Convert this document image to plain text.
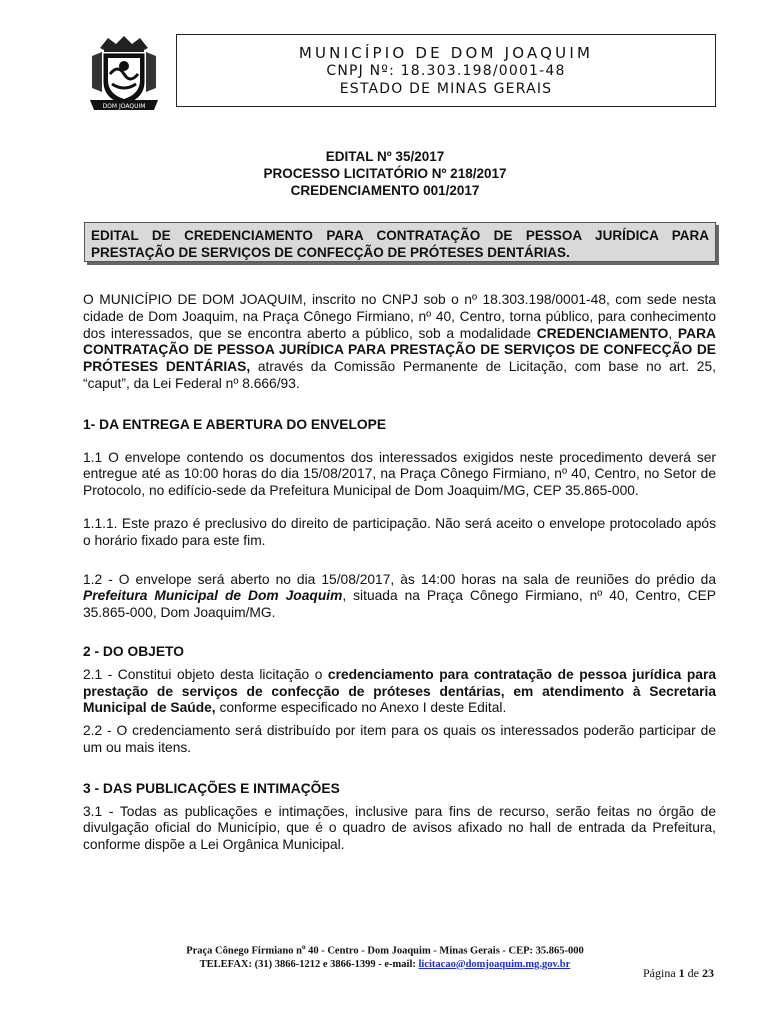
DOM JOAQUIM
MUNICÍPIO DE DOM JOAQUIM
CNPJ Nº: 18.303.198/0001-48
ESTADO DE MINAS GERAIS
EDITAL Nº 35/2017
PROCESSO LICITATÓRIO Nº 218/2017
CREDENCIAMENTO 001/2017
EDITAL DE CREDENCIAMENTO PARA CONTRATAÇÃO DE PESSOA JURÍDICA PARA PRESTAÇÃO DE SERVIÇOS DE CONFECÇÃO DE PRÓTESES DENTÁRIAS.

O MUNICÍPIO DE DOM JOAQUIM, inscrito no CNPJ sob o nº 18.303.198/0001-48, com sede nesta cidade de Dom Joaquim, na Praça Cônego Firmiano, nº 40, Centro, torna público, para conhecimento dos interessados, que se encontra aberto a público, sob a modalidade CREDENCIAMENTO, PARA CONTRATAÇÃO DE PESSOA JURÍDICA PARA PRESTAÇÃO DE SERVIÇOS DE CONFECÇÃO DE PRÓTESES DENTÁRIAS, através da Comissão Permanente de Licitação, com base no art. 25, “caput”, da Lei Federal nº 8.666/93.

1- DA ENTREGA E ABERTURA DO ENVELOPE

1.1 O envelope contendo os documentos dos interessados exigidos neste procedimento deverá ser entregue até as 10:00 horas do dia 15/08/2017, na Praça Cônego Firmiano, nº 40, Centro, no Setor de Protocolo, no edifício-sede da Prefeitura Municipal de Dom Joaquim/MG, CEP 35.865-000.

1.1.1. Este prazo é preclusivo do direito de participação. Não será aceito o envelope protocolado após o horário fixado para este fim.

1.2 - O envelope será aberto no dia 15/08/2017, às 14:00 horas na sala de reuniões do prédio da Prefeitura Municipal de Dom Joaquim, situada na Praça Cônego Firmiano, nº 40, Centro, CEP 35.865-000, Dom Joaquim/MG.

2 - DO OBJETO

2.1 - Constitui objeto desta licitação o credenciamento para contratação de pessoa jurídica para prestação de serviços de confecção de próteses dentárias, em atendimento à Secretaria Municipal de Saúde, conforme especificado no Anexo I deste Edital.

2.2 - O credenciamento será distribuído por item para os quais os interessados poderão participar de um ou mais itens.

3 - DAS PUBLICAÇÕES E INTIMAÇÕES

3.1 - Todas as publicações e intimações, inclusive para fins de recurso, serão feitas no órgão de divulgação oficial do Município, que é o quadro de avisos afixado no hall de entrada da Prefeitura, conforme dispõe a Lei Orgânica Municipal.

Praça Cônego Firmiano $n^o$ 40 - Centro - Dom Joaquim - Minas Gerais - CEP: 35.865-000
TELEFAX: (31) 3866-1212 e 3866-1399 - e-mail: licitacao@domjoaquim.mg.gov.br
Página 1 de 23
